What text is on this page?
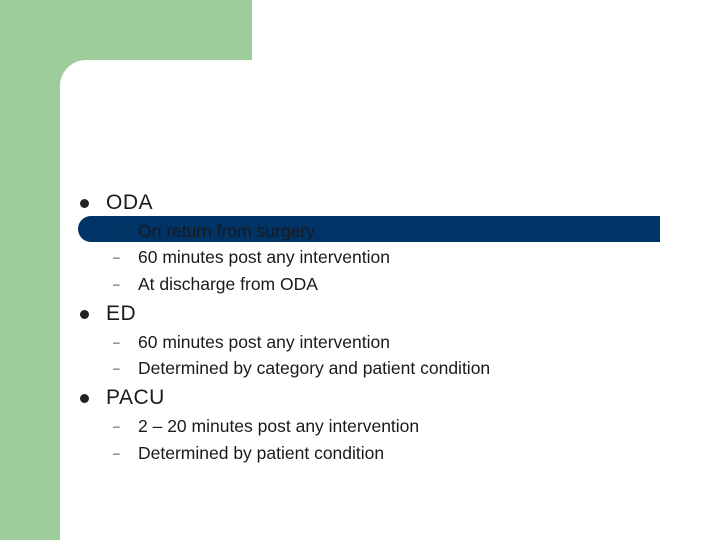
ODA
–	On return from surgery
–	60 minutes post any intervention
–	At discharge from ODA
ED
–	60 minutes post any intervention
–	Determined by category and patient condition
PACU
–	2 – 20 minutes post any intervention
–	Determined by patient condition
